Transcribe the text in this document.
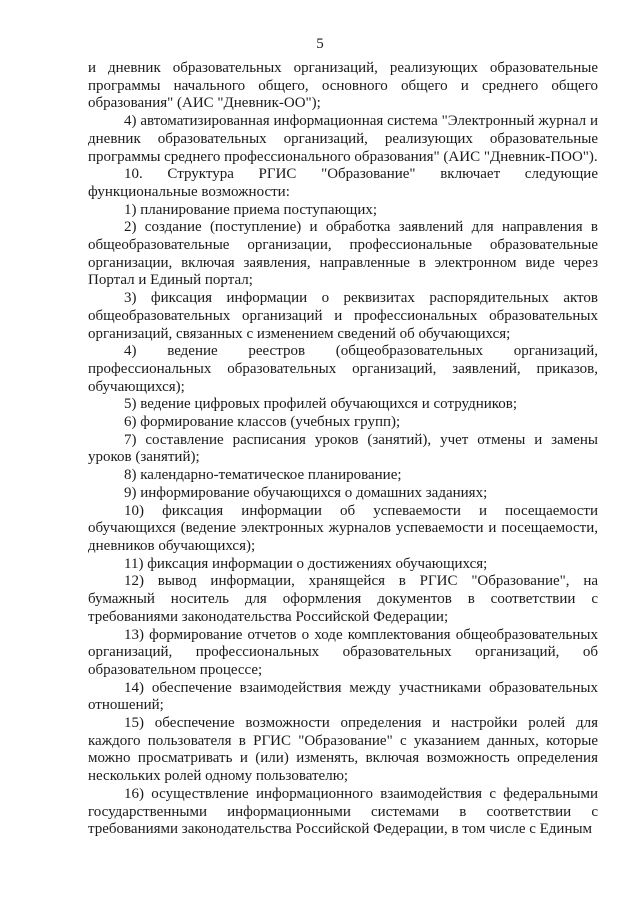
5

и дневник образовательных организаций, реализующих образовательные программы начального общего, основного общего и среднего общего образования" (АИС "Дневник-ОО");

4) автоматизированная информационная система "Электронный журнал и дневник образовательных организаций, реализующих образовательные программы среднего профессионального образования" (АИС "Дневник-ПОО").

10. Структура РГИС "Образование" включает следующие функциональные возможности:

1) планирование приема поступающих;

2) создание (поступление) и обработка заявлений для направления в общеобразовательные организации, профессиональные образовательные организации, включая заявления, направленные в электронном виде через Портал и Единый портал;

3) фиксация информации о реквизитах распорядительных актов общеобразовательных организаций и профессиональных образовательных организаций, связанных с изменением сведений об обучающихся;

4) ведение реестров (общеобразовательных организаций, профессиональных образовательных организаций, заявлений, приказов, обучающихся);

5) ведение цифровых профилей обучающихся и сотрудников;

6) формирование классов (учебных групп);

7) составление расписания уроков (занятий), учет отмены и замены уроков (занятий);

8) календарно-тематическое планирование;

9) информирование обучающихся о домашних заданиях;

10) фиксация информации об успеваемости и посещаемости обучающихся (ведение электронных журналов успеваемости и посещаемости, дневников обучающихся);

11) фиксация информации о достижениях обучающихся;

12) вывод информации, хранящейся в РГИС "Образование", на бумажный носитель для оформления документов в соответствии с требованиями законодательства Российской Федерации;

13) формирование отчетов о ходе комплектования общеобразовательных организаций, профессиональных образовательных организаций, об образовательном процессе;

14) обеспечение взаимодействия между участниками образовательных отношений;

15) обеспечение возможности определения и настройки ролей для каждого пользователя в РГИС "Образование" с указанием данных, которые можно просматривать и (или) изменять, включая возможность определения нескольких ролей одному пользователю;

16) осуществление информационного взаимодействия с федеральными государственными информационными системами в соответствии с требованиями законодательства Российской Федерации, в том числе с Единым
